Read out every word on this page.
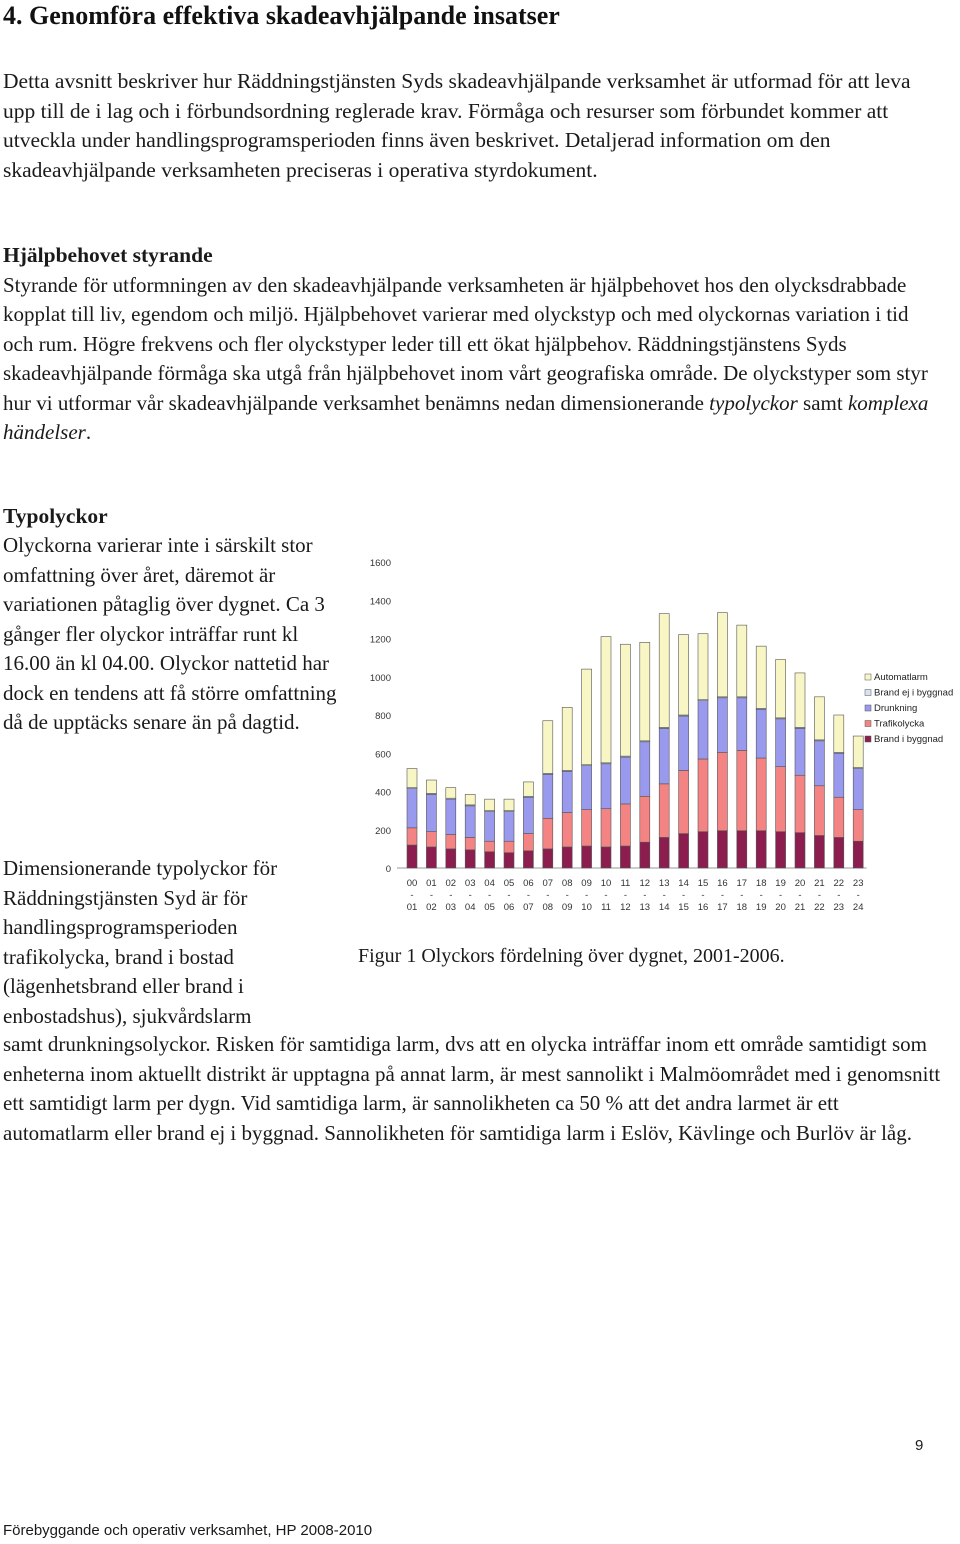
4. Genomföra effektiva skadeavhjälpande insatser

Detta avsnitt beskriver hur Räddningstjänsten Syds skadeavhjälpande verksamhet är utformad för att leva upp till de i lag och i förbundsordning reglerade krav. Förmåga och resurser som förbundet kommer att utveckla under handlingsprogramsperioden finns även beskrivet. Detaljerad information om den skadeavhjälpande verksamheten preciseras i operativa styrdokument.

Hjälpbehovet styrande

Styrande för utformningen av den skadeavhjälpande verksamheten är hjälpbehovet hos den olycksdrabbade kopplat till liv, egendom och miljö. Hjälpbehovet varierar med olyckstyp och med olyckornas variation i tid och rum. Högre frekvens och fler olyckstyper leder till ett ökat hjälpbehov. Räddningstjänstens Syds skadeavhjälpande förmåga ska utgå från hjälpbehovet inom vårt geografiska område. De olyckstyper som styr hur vi utformar vår skadeavhjälpande verksamhet benämns nedan dimensionerande typolyckor samt komplexa händelser.

Typolyckor

Olyckorna varierar inte i särskilt stor omfattning över året, däremot är variationen påtaglig över dygnet. Ca 3 gånger fler olyckor inträffar runt kl 16.00 än kl 04.00. Olyckor nattetid har dock en tendens att få större omfattning då de upptäcks senare än på dagtid.

0
200
400
600
800
1000
1200
1400
1600
00
-
01
01
-
02
02
-
03
03
-
04
04
-
05
05
-
06
06
-
07
07
-
08
08
-
09
09
-
10
10
-
11
11
-
12
12
-
13
13
-
14
14
-
15
15
-
16
16
-
17
17
-
18
18
-
19
19
-
20
20
-
21
21
-
22
22
-
23
23
-
24
Automatlarm
Brand ej i byggnad
Drunkning
Trafikolycka
Brand i byggnad

Figur 1 Olyckors fördelning över dygnet, 2001-2006.

Dimensionerande typolyckor för Räddningstjänsten Syd är för handlingsprogramsperioden trafikolycka, brand i bostad (lägenhetsbrand eller brand i enbostadshus), sjukvårdslarm

samt drunkningsolyckor. Risken för samtidiga larm, dvs att en olycka inträffar inom ett område samtidigt som enheterna inom aktuellt distrikt är upptagna på annat larm, är mest sannolikt i Malmöområdet med i genomsnitt ett samtidigt larm per dygn. Vid samtidiga larm, är sannolikheten ca 50 % att det andra larmet är ett automatlarm eller brand ej i byggnad. Sannolikheten för samtidiga larm i Eslöv, Kävlinge och Burlöv är låg.

9
Förebyggande och operativ verksamhet, HP 2008-2010
